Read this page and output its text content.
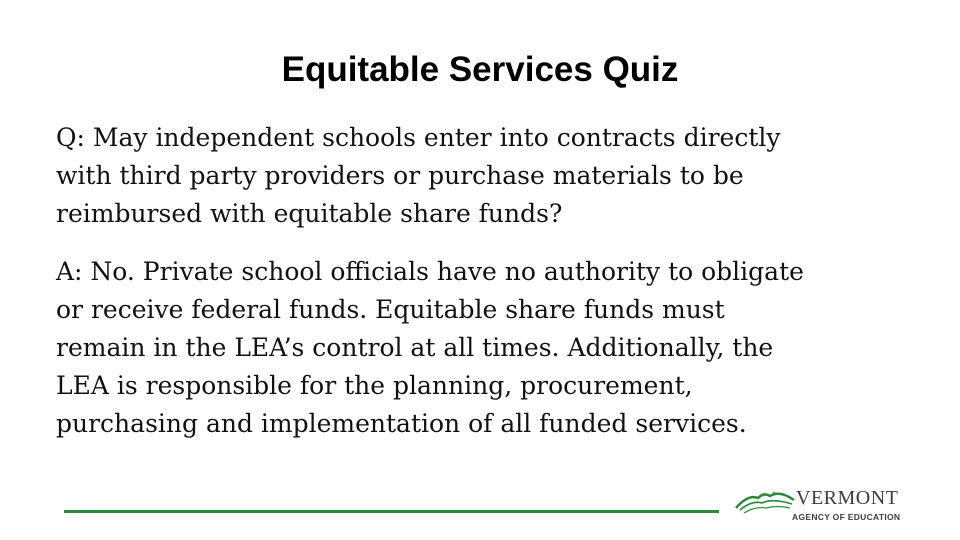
Equitable Services Quiz
Q: May independent schools enter into contracts directly
with third party providers or purchase materials to be
reimbursed with equitable share funds?
A: No. Private school officials have no authority to obligate
or receive federal funds. Equitable share funds must
remain in the LEA’s control at all times. Additionally, the
LEA is responsible for the planning, procurement,
purchasing and implementation of all funded services.
VERMONT
AGENCY OF EDUCATION
